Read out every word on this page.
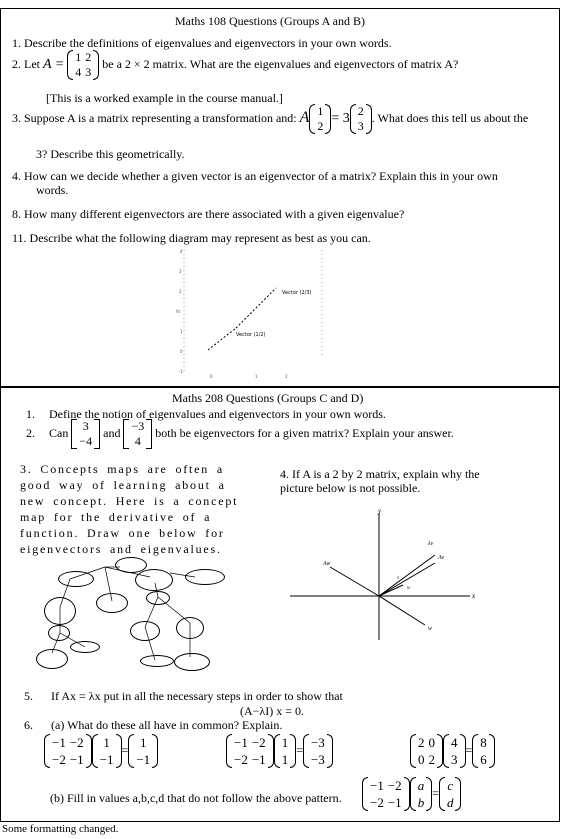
Maths 108 Questions (Groups A and B)
1. Describe the definitions of eigenvalues and eigenvectors in your own words.
2. Let A = 1	2
4	3
be a 2 × 2 matrix. What are the eigenvalues and eigenvectors of matrix A?
[This is a worked example in the course manual.]
3. Suppose A is a matrix representing a transformation and: A 1
2
= 3 2
3
. What does this tell us about the
3? Describe this geometrically.
4. How can we decide whether a given vector is an eigenvector of a matrix? Explain this in your own
words.
8. How many different eigenvectors are there associated with a given eigenvalue?
11. Describe what the following diagram may represent as best as you can.
4
3
2
ht
1
0
-1
0	1	2
Vector (2/3)
Vector (1/2)
Maths 208 Questions (Groups C and D)
1. Define the notion of eigenvalues and eigenvectors in your own words.
2. Can 3
−4
and −3
4
both be eigenvectors for a given matrix? Explain your answer.
3. Concepts maps are often a good way of learning about a new concept. Here is a concept map for the derivative of a function. Draw one below for eigenvectors and eigenvalues.
4. If A is a 2 by 2 matrix, explain why the picture below is not possible.
y
x
λv
Av
Aw
v
w
w
5. If Ax = λx put in all the necessary steps in order to show that
(A−λI) x = 0.
6. (a) What do these all have in common? Explain.
−1	−2
−2	−1
1
−1
= 1
−1
−1	−2
−2	−1
1
1
= −3
−3
2	0
0	2
4
3
= 8
6
(b) Fill in values a,b,c,d that do not follow the above pattern.
−1	−2
−2	−1
a
b
= c
d
Some formatting changed.
